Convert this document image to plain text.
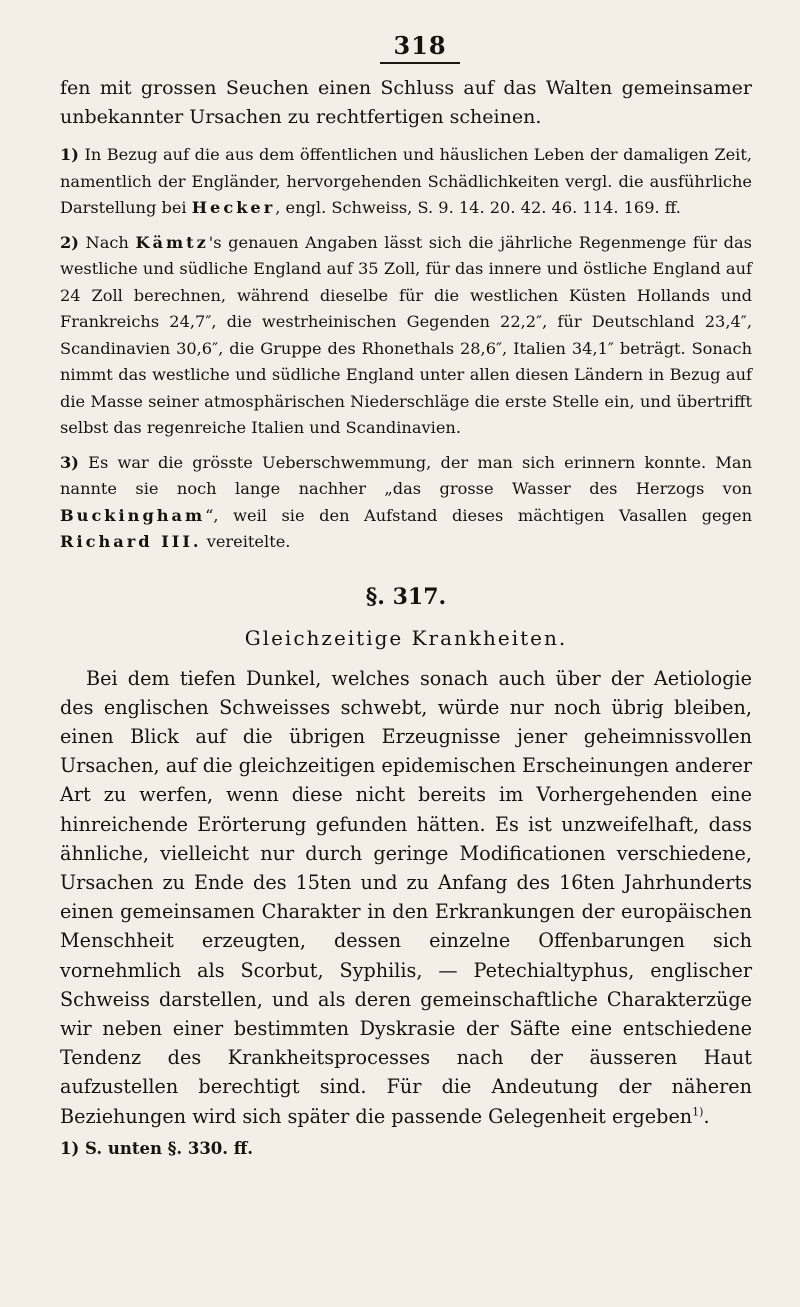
318

fen mit grossen Seuchen einen Schluss auf das Walten gemeinsamer unbekannter Ursachen zu rechtfertigen scheinen.

1) In Bezug auf die aus dem öffentlichen und häuslichen Leben der damaligen Zeit, namentlich der Engländer, hervorgehenden Schädlichkeiten vergl. die ausführliche Darstellung bei Hecker, engl. Schweiss, S. 9. 14. 20. 42. 46. 114. 169. ff.

2) Nach Kämtz's genauen Angaben lässt sich die jährliche Regenmenge für das westliche und südliche England auf 35 Zoll, für das innere und östliche England auf 24 Zoll berechnen, während dieselbe für die westlichen Küsten Hollands und Frankreichs 24,7″, die westrheinischen Gegenden 22,2″, für Deutschland 23,4″, Scandinavien 30,6″, die Gruppe des Rhonethals 28,6″, Italien 34,1″ beträgt. Sonach nimmt das westliche und südliche England unter allen diesen Ländern in Bezug auf die Masse seiner atmosphärischen Niederschläge die erste Stelle ein, und übertrifft selbst das regenreiche Italien und Scandinavien.

3) Es war die grösste Ueberschwemmung, der man sich erinnern konnte. Man nannte sie noch lange nachher „das grosse Wasser des Herzogs von Buckingham“, weil sie den Aufstand dieses mächtigen Vasallen gegen Richard III. vereitelte.

§. 317.
Gleichzeitige Krankheiten.

Bei dem tiefen Dunkel, welches sonach auch über der Aetiologie des englischen Schweisses schwebt, würde nur noch übrig bleiben, einen Blick auf die übrigen Erzeugnisse jener geheimnissvollen Ursachen, auf die gleichzeitigen epidemischen Erscheinungen anderer Art zu werfen, wenn diese nicht bereits im Vorhergehenden eine hinreichende Erörterung gefunden hätten. Es ist unzweifelhaft, dass ähnliche, vielleicht nur durch geringe Modificationen verschiedene, Ursachen zu Ende des 15ten und zu Anfang des 16ten Jahrhunderts einen gemeinsamen Charakter in den Erkrankungen der europäischen Menschheit erzeugten, dessen einzelne Offenbarungen sich vornehmlich als Scorbut, Syphilis, — Petechialtyphus, englischer Schweiss darstellen, und als deren gemeinschaftliche Charakterzüge wir neben einer bestimmten Dyskrasie der Säfte eine entschiedene Tendenz des Krankheitsprocesses nach der äusseren Haut aufzustellen berechtigt sind. Für die Andeutung der näheren Beziehungen wird sich später die passende Gelegenheit ergeben$^{1)}$.

1) S. unten §. 330. ff.
